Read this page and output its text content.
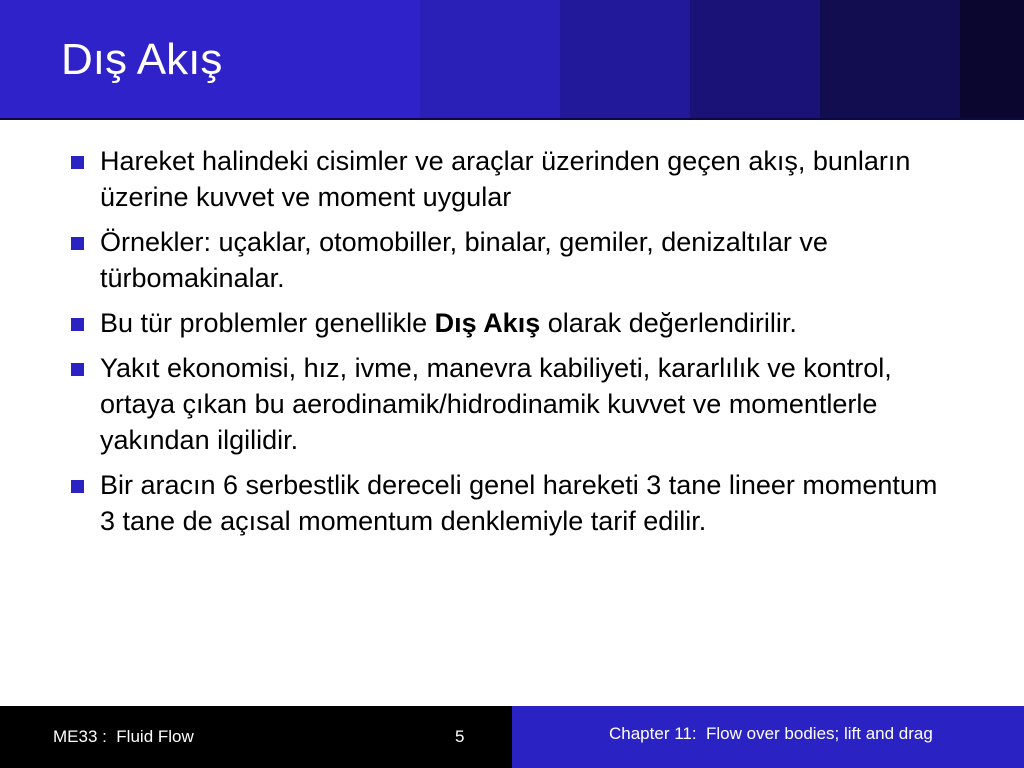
Dış Akış
Hareket halindeki cisimler ve araçlar üzerinden geçen akış, bunların üzerine kuvvet ve moment uygular
Örnekler: uçaklar, otomobiller, binalar, gemiler, denizaltılar ve türbomakinalar.
Bu tür problemler genellikle Dış Akış olarak değerlendirilir.
Yakıt ekonomisi, hız, ivme, manevra kabiliyeti, kararlılık ve kontrol, ortaya çıkan bu aerodinamik/hidrodinamik kuvvet ve momentlerle yakından ilgilidir.
Bir aracın 6 serbestlik dereceli genel hareketi 3 tane lineer momentum 3 tane de açısal momentum denklemiyle tarif edilir.
ME33 :  Fluid Flow	5	Chapter 11:  Flow over bodies; lift and drag
